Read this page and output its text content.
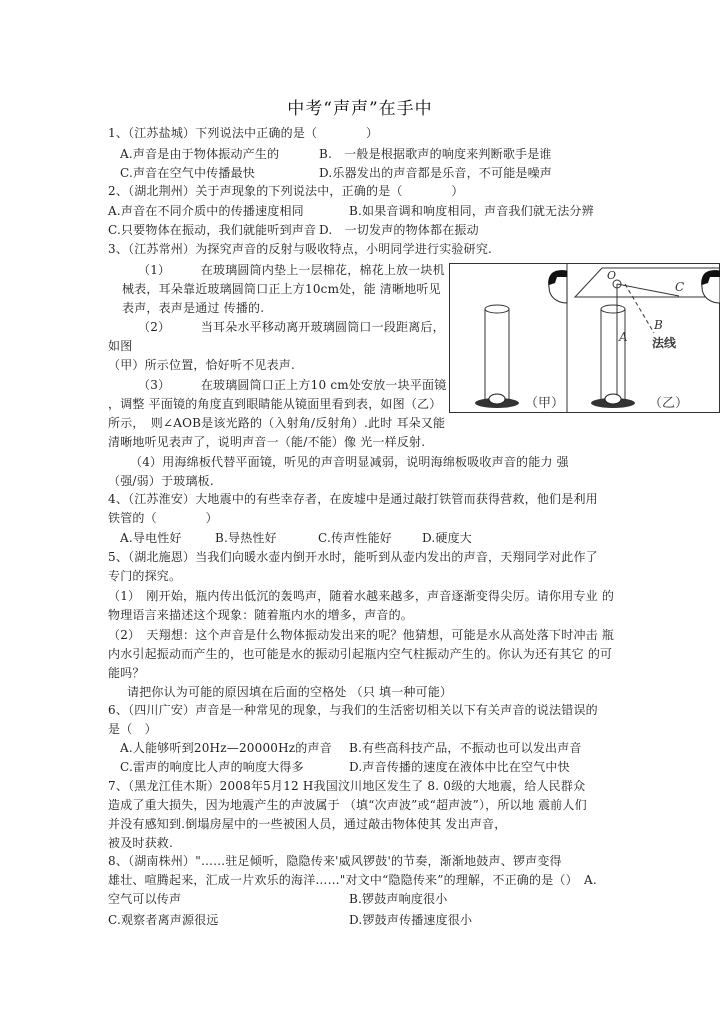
中考“声声”在手中
1、（江苏盐城）下列说法中正确的是（　　　　）
A.声音是由于物体振动产生的	B.　一般是根据歌声的响度来判断歌手是谁
C.声音在空气中传播最快	D.乐器发出的声音都是乐音，不可能是噪声
2、（湖北荆州）关于声现象的下列说法中，正确的是（　　　　）
A.声音在不同介质中的传播速度相同	B.如果音调和响度相同，声音我们就无法分辨
C.只要物体在振动，我们就能听到声音 D.　一切发声的物体都在振动
3、（江苏常州）为探究声音的反射与吸收特点，小明同学进行实验研究.
（1）　　　在玻璃圆筒内垫上一层棉花，棉花上放一块机
械表，耳朵靠近玻璃圆筒口正上方10cm处，能 清晰地听见
表声，表声是通过 传播的.
（2）　　　当耳朵水平移动离开玻璃圆筒口一段距离后，
如图
（甲）所示位置，恰好听不见表声.
（3）　　　在玻璃圆筒口正上方10 cm处安放一块平面镜
，调整 平面镜的角度直到眼睛能从镜面里看到表，如图（乙）
所示，　则∠AOB是该光路的（入射角/反射角）.此时 耳朵又能
清晰地听见表声了，说明声音一（能/不能）像 光一样反射.
（4）用海绵板代替平面镜，听见的声音明显减弱，说明海绵板吸收声音的能力 强
（强/弱）于玻璃板.
4、（江苏淮安）大地震中的有些幸存者，在废墟中是通过敲打铁管而获得营救，他们是利用
铁管的（　　　　）
A.导电性好	B.导热性好	C.传声性能好	D.硬度大
5、（湖北施恩）当我们向暖水壶内倒开水时，能听到从壶内发出的声音，天翔同学对此作了
专门的探究。
（1）　刚开始，瓶内传出低沉的轰鸣声，随着水越来越多，声音逐渐变得尖厉。请你用专业 的
物理语言来描述这个现象：随着瓶内水的增多，声音的。
（2）　天翔想：这个声音是什么物体振动发出来的呢？他猜想，可能是水从高处落下时冲击 瓶
内水引起振动而产生的，也可能是水的振动引起瓶内空气柱振动产生的。你认为还有其它 的可
能吗？
请把你认为可能的原因填在后面的空格处 （只 填一种可能）
6、（四川广安）声音是一种常见的现象，与我们的生活密切相关以下有关声音的说法错误的
是（　）
A.人能够听到20Hz—20000Hz的声音 B.有些高科技产品，不振动也可以发出声音
C.雷声的响度比人声的响度大得多	D.声音传播的速度在液体中比在空气中快
7、（黑龙江佳木斯）2008年5月12 H我国汶川地区发生了 8. 0级的大地震，给人民群众
造成了重大损失，因为地震产生的声波属于 （填“次声波”或“超声波”），所以地 震前人们
并没有感知到.倒塌房屋中的一些被困人员，通过敲击物体使其 发出声音，
被及时获救.
8、（湖南株州）"……驻足倾听，隐隐传来'威风锣鼓'的节奏，渐渐地鼓声、锣声变得
雄壮、喧腾起来，汇成一片欢乐的海洋……"对文中“隐隐传来”的理解，不正确的是（）　A.
空气可以传声	B.锣鼓声响度很小
C.观察者离声源很远	D.锣鼓声传播速度很小
（甲）	（乙）
A
B
C
O
法线
